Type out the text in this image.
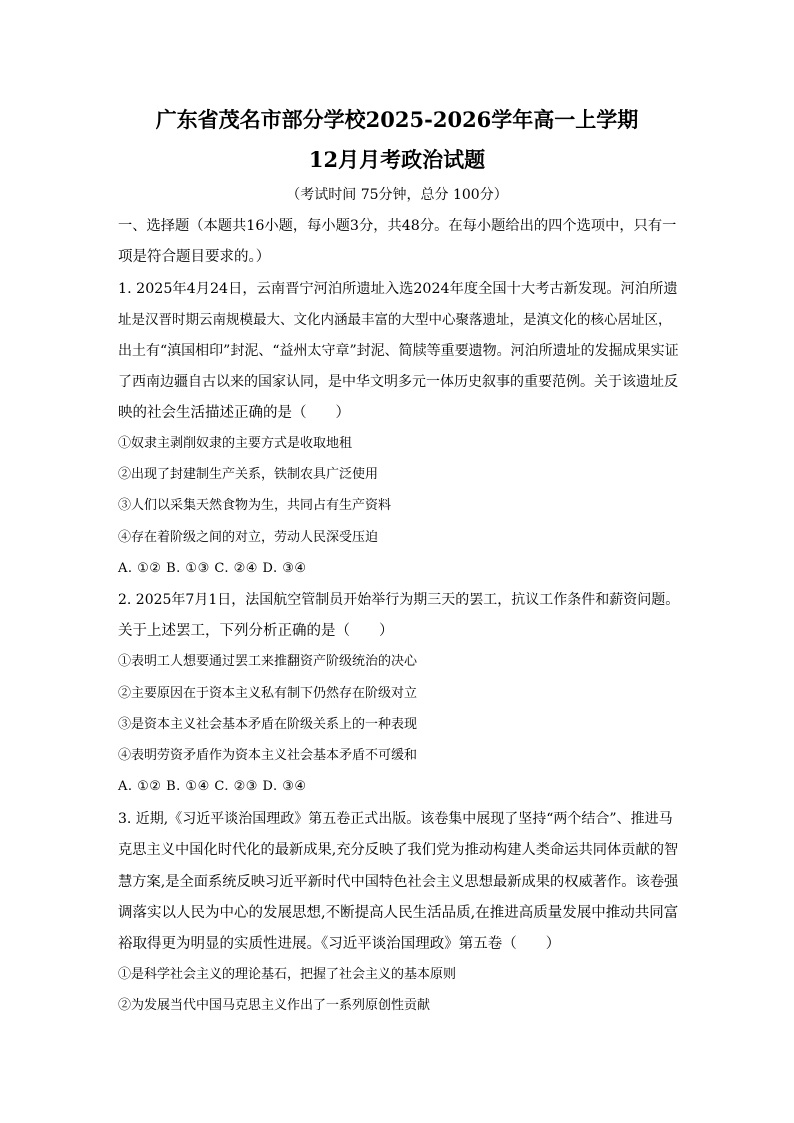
广东省茂名市部分学校2025-2026学年高一上学期
12月月考政治试题
（考试时间 75分钟，总分 100分）
一、选择题（本题共16小题，每小题3分，共48分。在每小题给出的四个选项中，只有一
项是符合题目要求的。）
1. 2025年4月24日，云南晋宁河泊所遗址入选2024年度全国十大考古新发现。河泊所遗
址是汉晋时期云南规模最大、文化内涵最丰富的大型中心聚落遗址，是滇文化的核心居址区，
出土有“滇国相印”封泥、“益州太守章”封泥、简牍等重要遗物。河泊所遗址的发掘成果实证
了西南边疆自古以来的国家认同，是中华文明多元一体历史叙事的重要范例。关于该遗址反
映的社会生活描述正确的是（　　）
①奴隶主剥削奴隶的主要方式是收取地租
②出现了封建制生产关系，铁制农具广泛使用
③人们以采集天然食物为生，共同占有生产资料
④存在着阶级之间的对立，劳动人民深受压迫
A. ①② B. ①③ C. ②④ D. ③④
2. 2025年7月1日，法国航空管制员开始举行为期三天的罢工，抗议工作条件和薪资问题。
关于上述罢工，下列分析正确的是（　　）
①表明工人想要通过罢工来推翻资产阶级统治的决心
②主要原因在于资本主义私有制下仍然存在阶级对立
③是资本主义社会基本矛盾在阶级关系上的一种表现
④表明劳资矛盾作为资本主义社会基本矛盾不可缓和
A. ①② B. ①④ C. ②③ D. ③④
3. 近期,《习近平谈治国理政》第五卷正式出版。该卷集中展现了坚持“两个结合”、推进马
克思主义中国化时代化的最新成果,充分反映了我们党为推动构建人类命运共同体贡献的智
慧方案,是全面系统反映习近平新时代中国特色社会主义思想最新成果的权威著作。该卷强
调落实以人民为中心的发展思想,不断提高人民生活品质,在推进高质量发展中推动共同富
裕取得更为明显的实质性进展。《习近平谈治国理政》第五卷（　　）
①是科学社会主义的理论基石，把握了社会主义的基本原则
②为发展当代中国马克思主义作出了一系列原创性贡献
